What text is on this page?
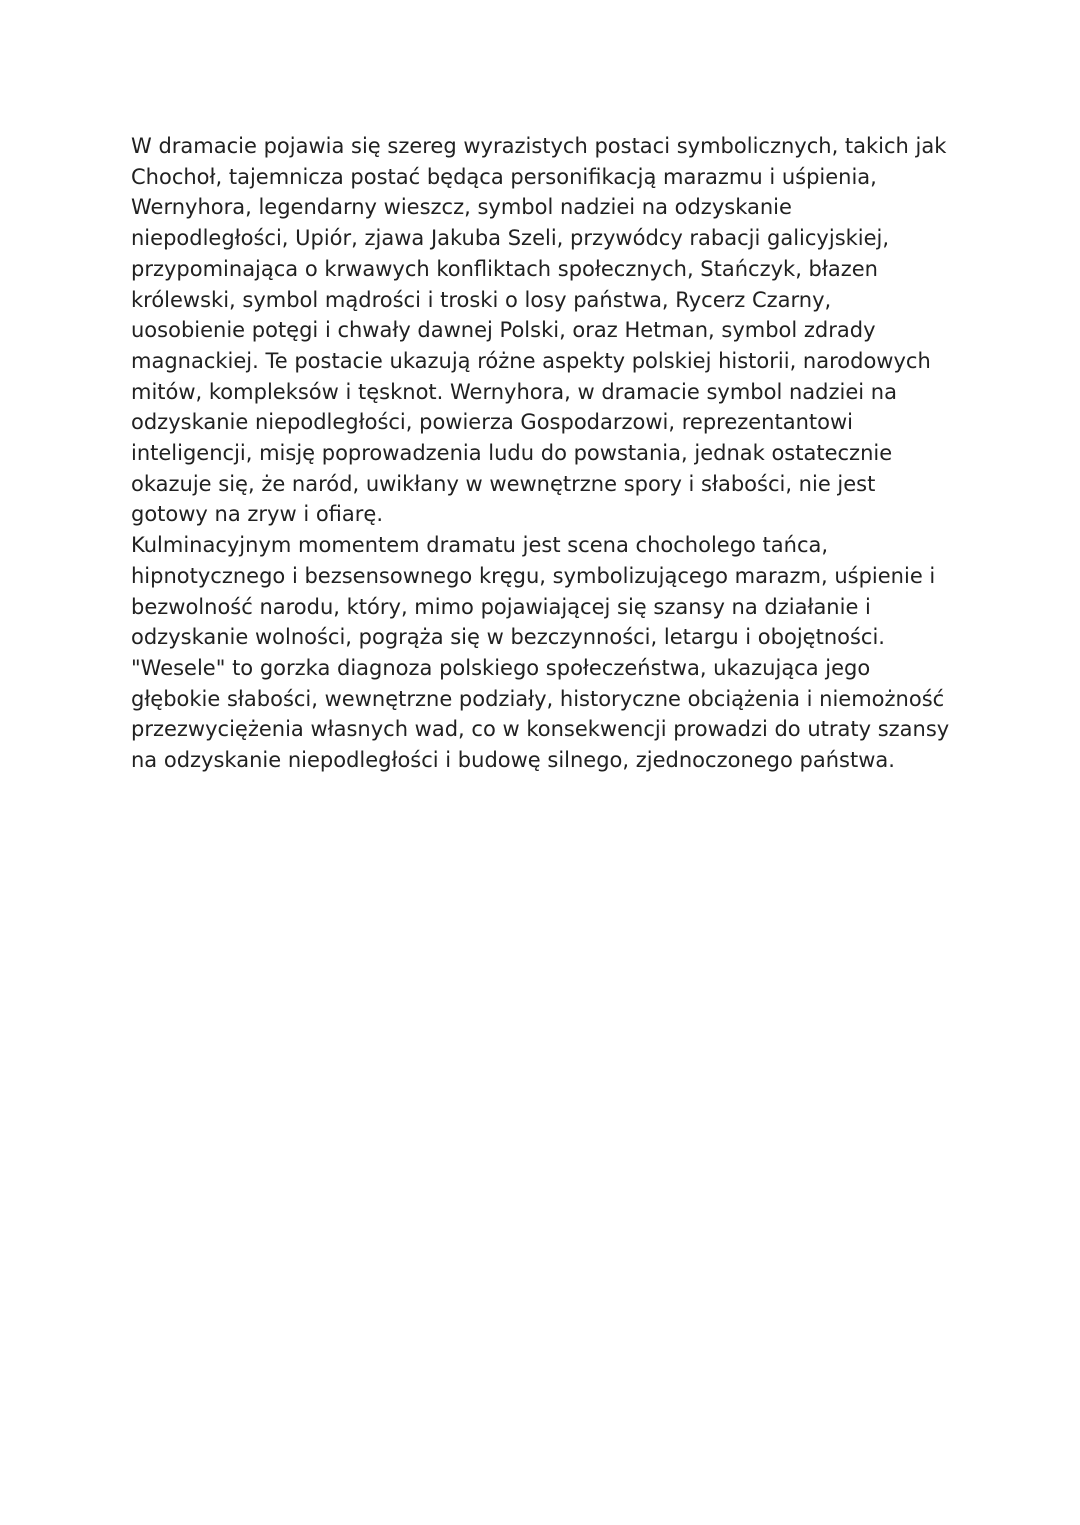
W dramacie pojawia się szereg wyrazistych postaci symbolicznych, takich jak
Chochoł, tajemnicza postać będąca personifikacją marazmu i uśpienia,
Wernyhora, legendarny wieszcz, symbol nadziei na odzyskanie
niepodległości, Upiór, zjawa Jakuba Szeli, przywódcy rabacji galicyjskiej,
przypominająca o krwawych konfliktach społecznych, Stańczyk, błazen
królewski, symbol mądrości i troski o losy państwa, Rycerz Czarny,
uosobienie potęgi i chwały dawnej Polski, oraz Hetman, symbol zdrady
magnackiej. Te postacie ukazują różne aspekty polskiej historii, narodowych
mitów, kompleksów i tęsknot. Wernyhora, w dramacie symbol nadziei na
odzyskanie niepodległości, powierza Gospodarzowi, reprezentantowi
inteligencji, misję poprowadzenia ludu do powstania, jednak ostatecznie
okazuje się, że naród, uwikłany w wewnętrzne spory i słabości, nie jest
gotowy na zryw i ofiarę.
Kulminacyjnym momentem dramatu jest scena chocholego tańca,
hipnotycznego i bezsensownego kręgu, symbolizującego marazm, uśpienie i
bezwolność narodu, który, mimo pojawiającej się szansy na działanie i
odzyskanie wolności, pogrąża się w bezczynności, letargu i obojętności.
"Wesele" to gorzka diagnoza polskiego społeczeństwa, ukazująca jego
głębokie słabości, wewnętrzne podziały, historyczne obciążenia i niemożność
przezwyciężenia własnych wad, co w konsekwencji prowadzi do utraty szansy
na odzyskanie niepodległości i budowę silnego, zjednoczonego państwa.
